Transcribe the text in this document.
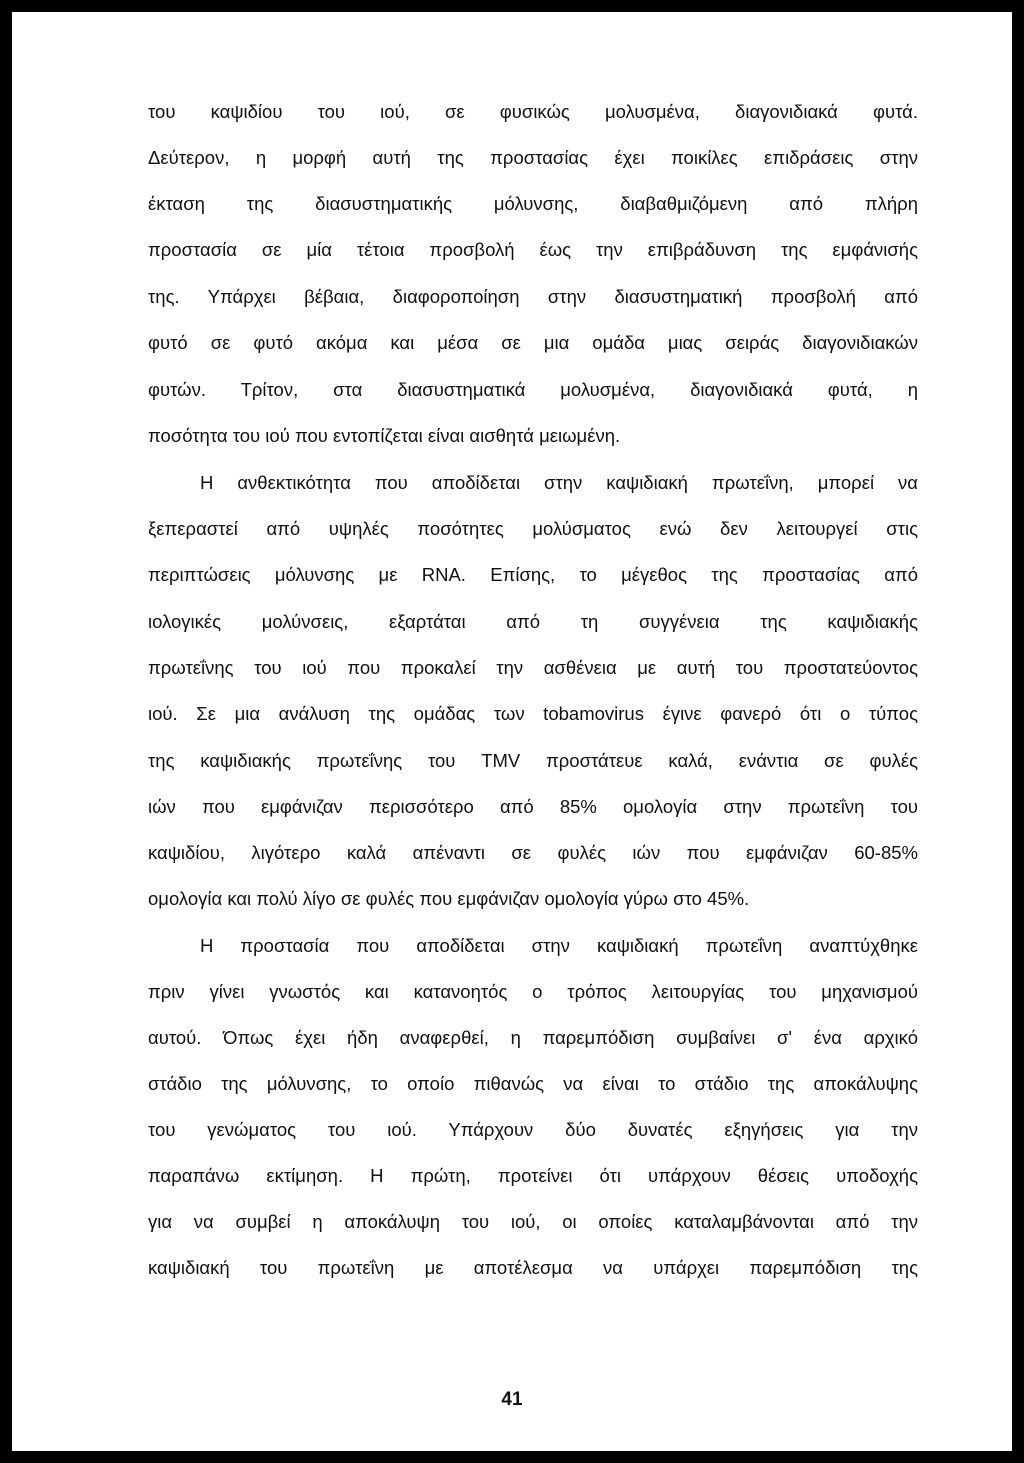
του καψιδίου του ιού, σε φυσικώς μολυσμένα, διαγονιδιακά φυτά.
Δεύτερον, η μορφή αυτή της προστασίας έχει ποικίλες επιδράσεις στην
έκταση της διασυστηματικής μόλυνσης, διαβαθμιζόμενη από πλήρη
προστασία σε μία τέτοια προσβολή έως την επιβράδυνση της εμφάνισής
της. Υπάρχει βέβαια, διαφοροποίηση στην διασυστηματική προσβολή από
φυτό σε φυτό ακόμα και μέσα σε μια ομάδα μιας σειράς διαγονιδιακών
φυτών. Τρίτον, στα διασυστηματικά μολυσμένα, διαγονιδιακά φυτά, η
ποσότητα του ιού που εντοπίζεται είναι αισθητά μειωμένη.
Η ανθεκτικότητα που αποδίδεται στην καψιδιακή πρωτεΐνη, μπορεί να
ξεπεραστεί από υψηλές ποσότητες μολύσματος ενώ δεν λειτουργεί στις
περιπτώσεις μόλυνσης με RNA. Επίσης, το μέγεθος της προστασίας από
ιολογικές μολύνσεις, εξαρτάται από τη συγγένεια της καψιδιακής
πρωτεΐνης του ιού που προκαλεί την ασθένεια με αυτή του προστατεύοντος
ιού. Σε μια ανάλυση της ομάδας των tobamovirus έγινε φανερό ότι ο τύπος
της καψιδιακής πρωτεΐνης του TMV προστάτευε καλά, ενάντια σε φυλές
ιών που εμφάνιζαν περισσότερο από 85% ομολογία στην πρωτεΐνη του
καψιδίου, λιγότερο καλά απέναντι σε φυλές ιών που εμφάνιζαν 60-85%
ομολογία και πολύ λίγο σε φυλές που εμφάνιζαν ομολογία γύρω στο 45%.
Η προστασία που αποδίδεται στην καψιδιακή πρωτεΐνη αναπτύχθηκε
πριν γίνει γνωστός και κατανοητός ο τρόπος λειτουργίας του μηχανισμού
αυτού. Όπως έχει ήδη αναφερθεί, η παρεμπόδιση συμβαίνει σ' ένα αρχικό
στάδιο της μόλυνσης, το οποίο πιθανώς να είναι το στάδιο της αποκάλυψης
του γενώματος του ιού. Υπάρχουν δύο δυνατές εξηγήσεις για την
παραπάνω εκτίμηση. Η πρώτη, προτείνει ότι υπάρχουν θέσεις υποδοχής
για να συμβεί η αποκάλυψη του ιού, οι οποίες καταλαμβάνονται από την
καψιδιακή του πρωτεΐνη με αποτέλεσμα να υπάρχει παρεμπόδιση της
41
